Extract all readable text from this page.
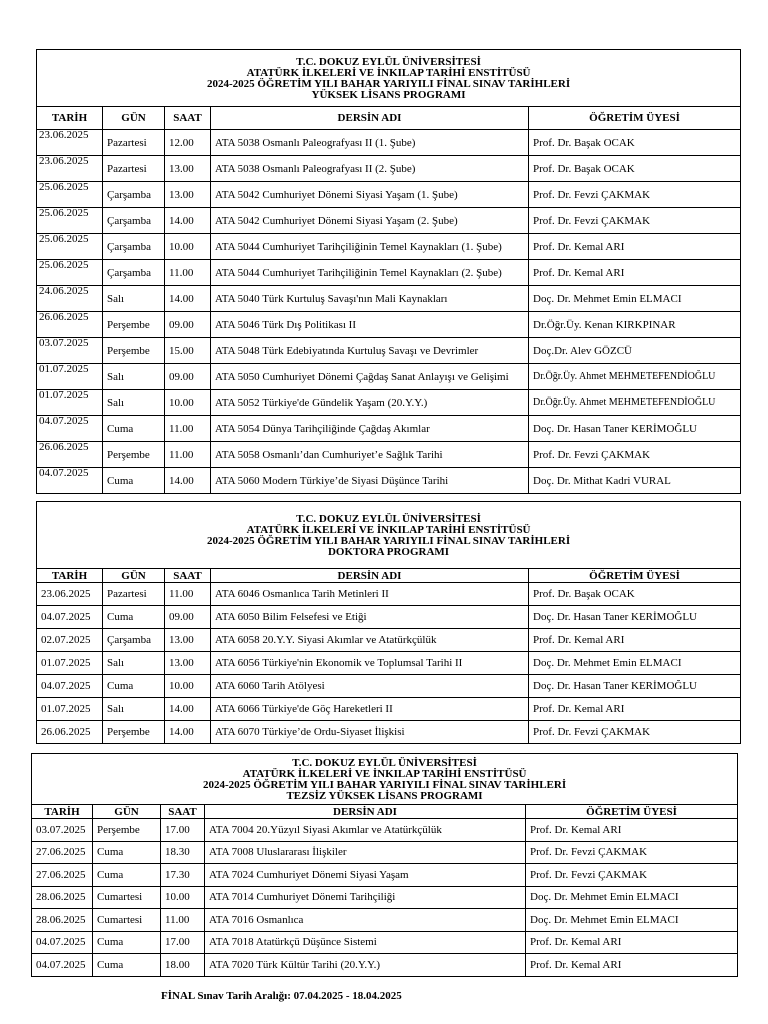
T.C. DOKUZ EYLÜL ÜNİVERSİTESİ
ATATÜRK İLKELERİ VE İNKILAP TARİHİ ENSTİTÜSÜ
2024-2025 ÖĞRETİM YILI BAHAR YARIYILI FİNAL SINAV TARİHLERİ
YÜKSEK LİSANS PROGRAMI				

TARİH	GÜN	SAAT	DERSİN ADI	ÖĞRETİM ÜYESİ
23.06.2025	Pazartesi	12.00	ATA 5038 Osmanlı Paleografyası II (1. Şube)	Prof. Dr. Başak OCAK
23.06.2025	Pazartesi	13.00	ATA 5038 Osmanlı Paleografyası II (2. Şube)	Prof. Dr. Başak OCAK
25.06.2025	Çarşamba	13.00	ATA 5042 Cumhuriyet Dönemi Siyasi Yaşam (1. Şube)	Prof. Dr. Fevzi ÇAKMAK
25.06.2025	Çarşamba	14.00	ATA 5042 Cumhuriyet Dönemi Siyasi Yaşam (2. Şube)	Prof. Dr. Fevzi ÇAKMAK
25.06.2025	Çarşamba	10.00	ATA 5044 Cumhuriyet Tarihçiliğinin Temel Kaynakları (1. Şube)	Prof. Dr. Kemal ARI
25.06.2025	Çarşamba	11.00	ATA 5044 Cumhuriyet Tarihçiliğinin Temel Kaynakları (2. Şube)	Prof. Dr. Kemal ARI
24.06.2025	Salı	14.00	ATA 5040 Türk Kurtuluş Savaşı'nın Mali Kaynakları	Doç. Dr. Mehmet Emin ELMACI
26.06.2025	Perşembe	09.00	ATA 5046 Türk Dış Politikası II	Dr.Öğr.Üy. Kenan KIRKPINAR
03.07.2025	Perşembe	15.00	ATA 5048 Türk Edebiyatında Kurtuluş Savaşı ve Devrimler	Doç.Dr. Alev GÖZCÜ
01.07.2025	Salı	09.00	ATA 5050 Cumhuriyet Dönemi Çağdaş Sanat Anlayışı ve Gelişimi	Dr.Öğr.Üy. Ahmet MEHMETEFENDİOĞLU
01.07.2025	Salı	10.00	ATA 5052 Türkiye'de Gündelik Yaşam (20.Y.Y.)	Dr.Öğr.Üy. Ahmet MEHMETEFENDİOĞLU
04.07.2025	Cuma	11.00	ATA 5054 Dünya Tarihçiliğinde Çağdaş Akımlar	Doç. Dr. Hasan Taner KERİMOĞLU
26.06.2025	Perşembe	11.00	ATA 5058 Osmanlı’dan Cumhuriyet’e Sağlık Tarihi	Prof. Dr. Fevzi ÇAKMAK
04.07.2025	Cuma	14.00	ATA 5060 Modern Türkiye’de Siyasi Düşünce Tarihi	Doç. Dr. Mithat Kadri VURAL
T.C. DOKUZ EYLÜL ÜNİVERSİTESİ
ATATÜRK İLKELERİ VE İNKILAP TARİHİ ENSTİTÜSÜ
2024-2025 ÖĞRETİM YILI BAHAR YARIYILI FİNAL SINAV TARİHLERİ
DOKTORA PROGRAMI				

TARİH	GÜN	SAAT	DERSİN ADI	ÖĞRETİM ÜYESİ
23.06.2025	Pazartesi	11.00	ATA 6046 Osmanlıca Tarih Metinleri II	Prof. Dr. Başak OCAK
04.07.2025	Cuma	09.00	ATA 6050 Bilim Felsefesi ve Etiği	Doç. Dr. Hasan Taner KERİMOĞLU
02.07.2025	Çarşamba	13.00	ATA 6058 20.Y.Y. Siyasi Akımlar ve Atatürkçülük	Prof. Dr. Kemal ARI
01.07.2025	Salı	13.00	ATA 6056 Türkiye'nin Ekonomik ve Toplumsal Tarihi II	Doç. Dr. Mehmet Emin ELMACI
04.07.2025	Cuma	10.00	ATA 6060 Tarih Atölyesi	Doç. Dr. Hasan Taner KERİMOĞLU
01.07.2025	Salı	14.00	ATA 6066 Türkiye'de Göç Hareketleri II	Prof. Dr. Kemal ARI
26.06.2025	Perşembe	14.00	ATA 6070 Türkiye’de Ordu-Siyaset İlişkisi	Prof. Dr. Fevzi ÇAKMAK
T.C. DOKUZ EYLÜL ÜNİVERSİTESİ
ATATÜRK İLKELERİ VE İNKILAP TARİHİ ENSTİTÜSÜ
2024-2025 ÖĞRETİM YILI BAHAR YARIYILI FİNAL SINAV TARİHLERİ
TEZSİZ YÜKSEK LİSANS PROGRAMI				

TARİH	GÜN	SAAT	DERSİN ADI	ÖĞRETİM ÜYESİ
03.07.2025	Perşembe	17.00	ATA 7004 20.Yüzyıl Siyasi Akımlar ve Atatürkçülük	Prof. Dr. Kemal ARI
27.06.2025	Cuma	18.30	ATA 7008 Uluslararası İlişkiler	Prof. Dr. Fevzi ÇAKMAK
27.06.2025	Cuma	17.30	ATA 7024 Cumhuriyet Dönemi Siyasi Yaşam	Prof. Dr. Fevzi ÇAKMAK
28.06.2025	Cumartesi	10.00	ATA 7014 Cumhuriyet Dönemi Tarihçiliği	Doç. Dr. Mehmet Emin ELMACI
28.06.2025	Cumartesi	11.00	ATA 7016 Osmanlıca	Doç. Dr. Mehmet Emin ELMACI
04.07.2025	Cuma	17.00	ATA 7018 Atatürkçü Düşünce Sistemi	Prof. Dr. Kemal ARI
04.07.2025	Cuma	18.00	ATA 7020 Türk Kültür Tarihi (20.Y.Y.)	Prof. Dr. Kemal ARI
FİNAL Sınav Tarih Aralığı: 07.04.2025 - 18.04.2025
